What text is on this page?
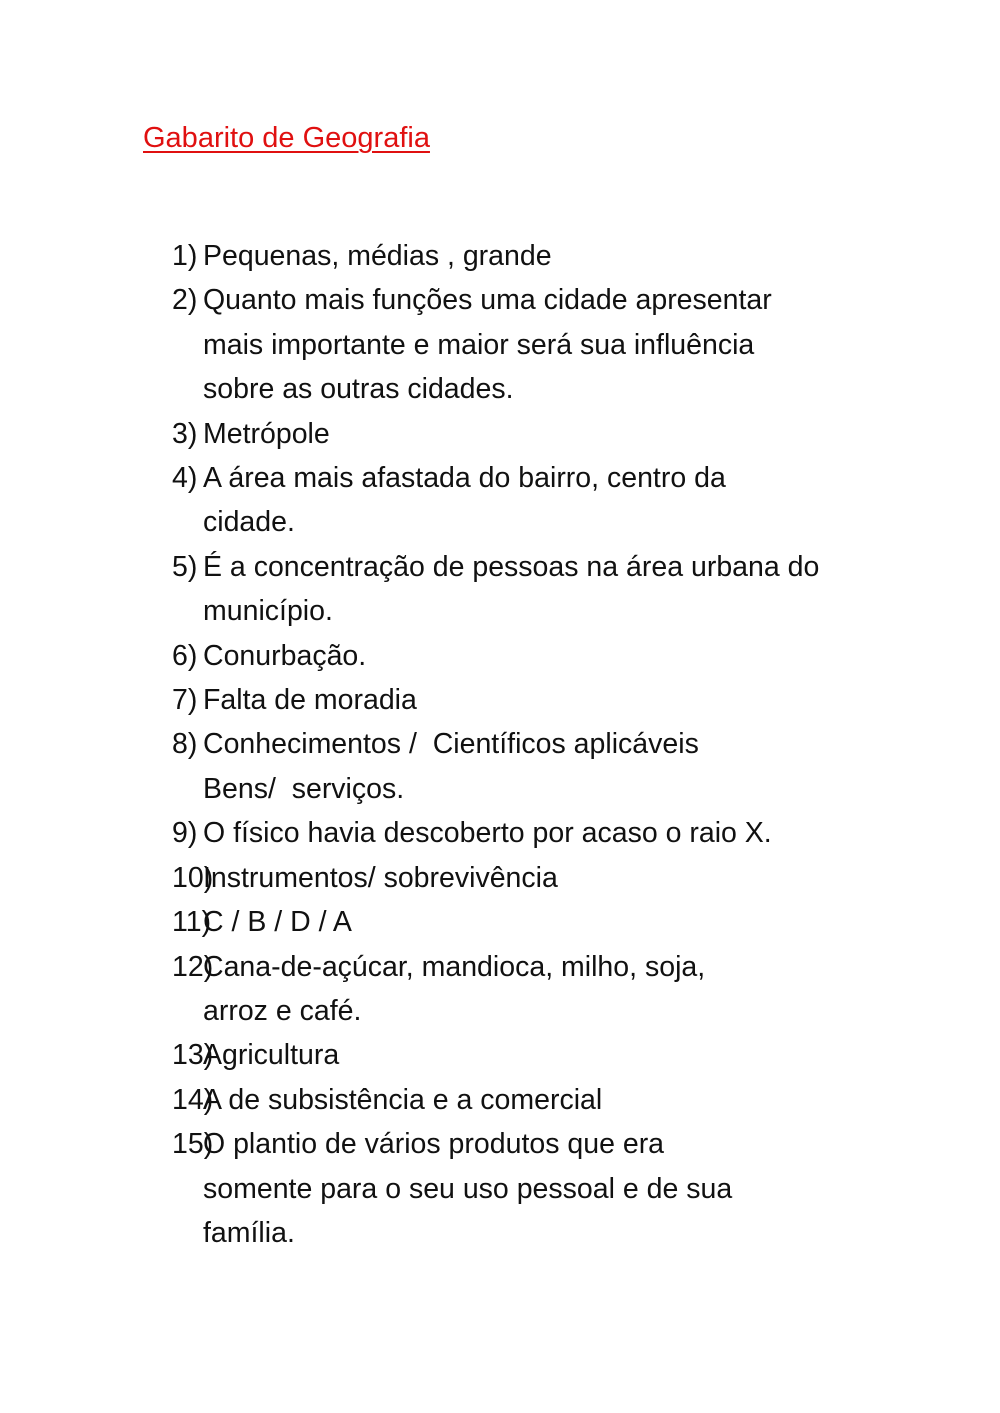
Gabarito de Geografia
1) Pequenas, médias , grande
2) Quanto mais funções uma cidade apresentar
mais importante e maior será sua influência
sobre as outras cidades.
3) Metrópole
4) A área mais afastada do bairro, centro da
cidade.
5) É a concentração de pessoas na área urbana do
município.
6) Conurbação.
7) Falta de moradia
8) Conhecimentos /  Científicos aplicáveis
Bens/  serviços.
9) O físico havia descoberto por acaso o raio X.
10)
Instrumentos/ sobrevivência
11)
C / B / D / A
12)
Cana-de-açúcar, mandioca, milho, soja,
arroz e café.
13)
Agricultura
14)
A de subsistência e a comercial
15)
O plantio de vários produtos que era
somente para o seu uso pessoal e de sua
família.
